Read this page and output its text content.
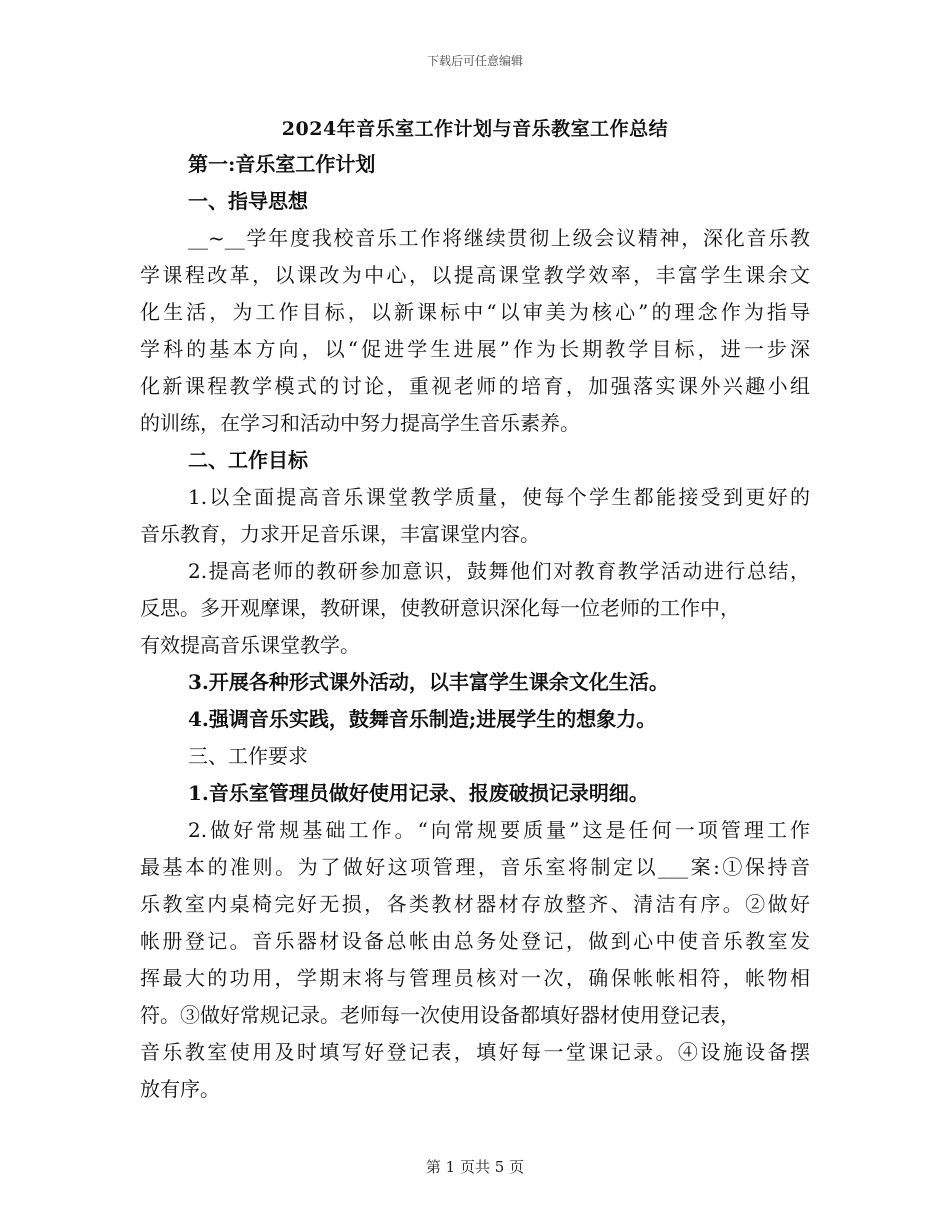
下载后可任意编辑
2024年音乐室工作计划与音乐教室工作总结
第一:音乐室工作计划
一、指导思想
__~__学年度我校音乐工作将继续贯彻上级会议精神，深化音乐教
学课程改革，以课改为中心，以提高课堂教学效率，丰富学生课余文
化生活，为工作目标，以新课标中“以审美为核心”的理念作为指导
学科的基本方向，以“促进学生进展”作为长期教学目标，进一步深
化新课程教学模式的讨论，重视老师的培育，加强落实课外兴趣小组
的训练，在学习和活动中努力提高学生音乐素养。
二、工作目标
1.以全面提高音乐课堂教学质量，使每个学生都能接受到更好的
音乐教育，力求开足音乐课，丰富课堂内容。
2.提高老师的教研参加意识，鼓舞他们对教育教学活动进行总结，
反思。多开观摩课，教研课，使教研意识深化每一位老师的工作中，
有效提高音乐课堂教学。
3.开展各种形式课外活动，以丰富学生课余文化生活。
4.强调音乐实践，鼓舞音乐制造;进展学生的想象力。
三、工作要求
1.音乐室管理员做好使用记录、报废破损记录明细。
2.做好常规基础工作。“向常规要质量”这是任何一项管理工作
最基本的准则。为了做好这项管理，音乐室将制定以___案:①保持音
乐教室内桌椅完好无损，各类教材器材存放整齐、清洁有序。②做好
帐册登记。音乐器材设备总帐由总务处登记，做到心中使音乐教室发
挥最大的功用，学期末将与管理员核对一次，确保帐帐相符，帐物相
符。③做好常规记录。老师每一次使用设备都填好器材使用登记表，
音乐教室使用及时填写好登记表，填好每一堂课记录。④设施设备摆
放有序。
第 1 页共 5 页
